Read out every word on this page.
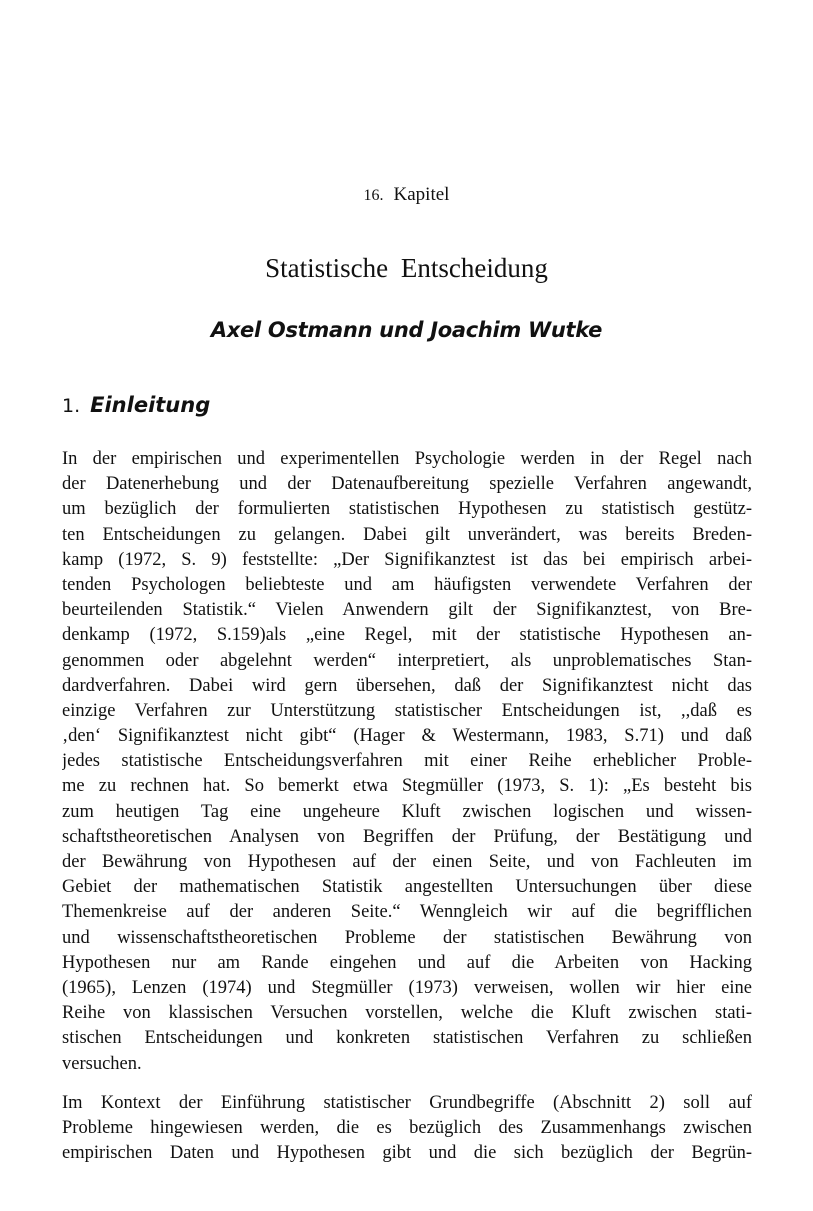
16. Kapitel
Statistische Entscheidung
Axel Ostmann und Joachim Wutke
1. Einleitung
In der empirischen und experimentellen Psychologie werden in der Regel nach
der Datenerhebung und der Datenaufbereitung spezielle Verfahren angewandt,
um bezüglich der formulierten statistischen Hypothesen zu statistisch gestütz-
ten Entscheidungen zu gelangen. Dabei gilt unverändert, was bereits Breden-
kamp (1972, S. 9) feststellte: „Der Signifikanztest ist das bei empirisch arbei-
tenden Psychologen beliebteste und am häufigsten verwendete Verfahren der
beurteilenden Statistik.“ Vielen Anwendern gilt der Signifikanztest, von Bre-
denkamp (1972, S.159)als „eine Regel, mit der statistische Hypothesen an-
genommen oder abgelehnt werden“ interpretiert, als unproblematisches Stan-
dardverfahren. Dabei wird gern übersehen, daß der Signifikanztest nicht das
einzige Verfahren zur Unterstützung statistischer Entscheidungen ist, ,,daß es
‚den‘ Signifikanztest nicht gibt“ (Hager & Westermann, 1983, S.71) und daß
jedes statistische Entscheidungsverfahren mit einer Reihe erheblicher Proble-
me zu rechnen hat. So bemerkt etwa Stegmüller (1973, S. 1): „Es besteht bis
zum heutigen Tag eine ungeheure Kluft zwischen logischen und wissen-
schaftstheoretischen Analysen von Begriffen der Prüfung, der Bestätigung und
der Bewährung von Hypothesen auf der einen Seite, und von Fachleuten im
Gebiet der mathematischen Statistik angestellten Untersuchungen über diese
Themenkreise auf der anderen Seite.“ Wenngleich wir auf die begrifflichen
und wissenschaftstheoretischen Probleme der statistischen Bewährung von
Hypothesen nur am Rande eingehen und auf die Arbeiten von Hacking
(1965), Lenzen (1974) und Stegmüller (1973) verweisen, wollen wir hier eine
Reihe von klassischen Versuchen vorstellen, welche die Kluft zwischen stati-
stischen Entscheidungen und konkreten statistischen Verfahren zu schließen
versuchen.
Im Kontext der Einführung statistischer Grundbegriffe (Abschnitt 2) soll auf
Probleme hingewiesen werden, die es bezüglich des Zusammenhangs zwischen
empirischen Daten und Hypothesen gibt und die sich bezüglich der Begrün-
